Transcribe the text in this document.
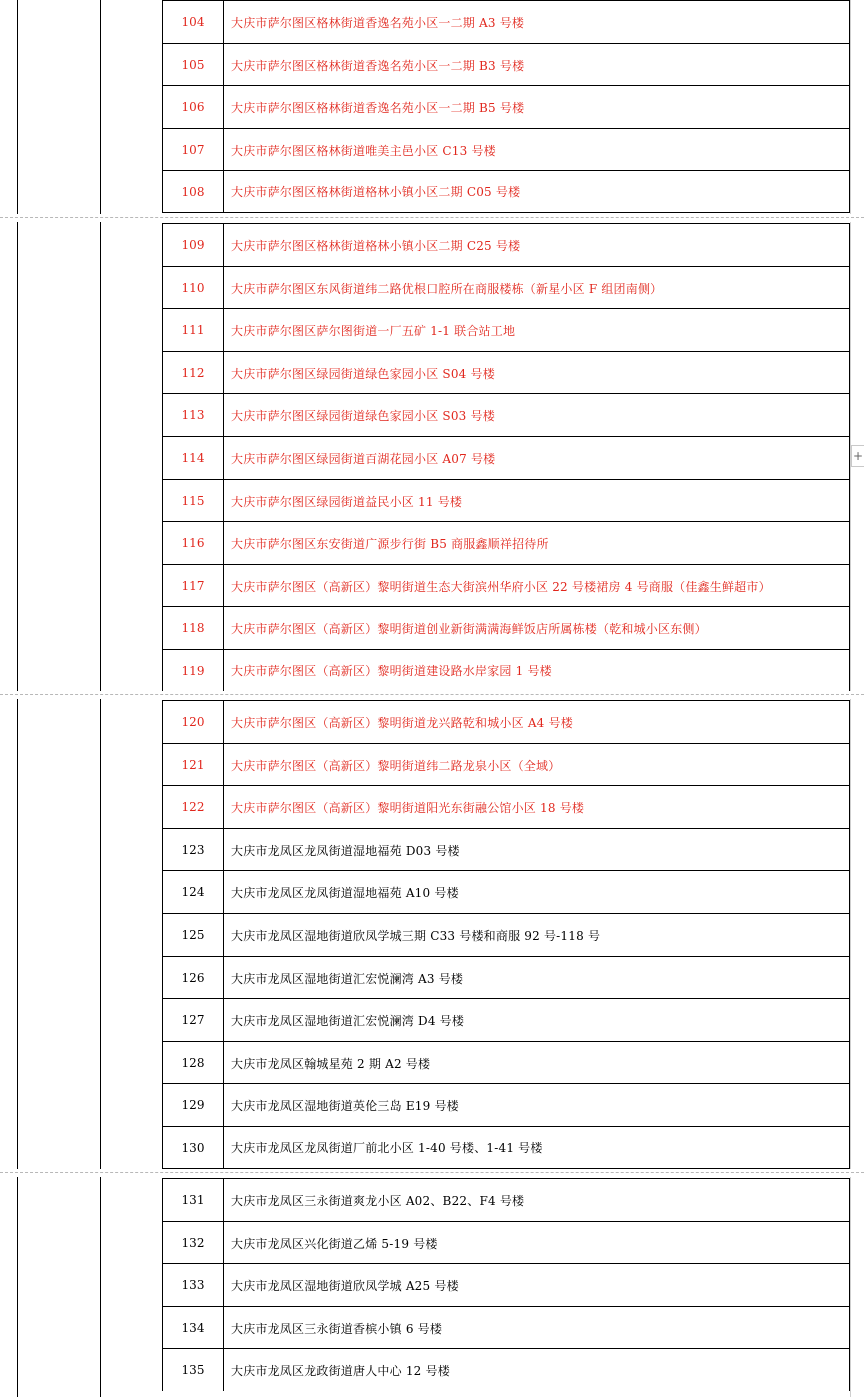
104	大庆市萨尔图区格林街道香逸名苑小区一二期 A3 号楼
105	大庆市萨尔图区格林街道香逸名苑小区一二期 B3 号楼
106	大庆市萨尔图区格林街道香逸名苑小区一二期 B5 号楼
107	大庆市萨尔图区格林街道唯美主邑小区 C13 号楼
108	大庆市萨尔图区格林街道格林小镇小区二期 C05 号楼
109	大庆市萨尔图区格林街道格林小镇小区二期 C25 号楼
110	大庆市萨尔图区东风街道纬二路优根口腔所在商服楼栋（新星小区 F 组团南侧）
111	大庆市萨尔图区萨尔图街道一厂五矿 1-1 联合站工地
112	大庆市萨尔图区绿园街道绿色家园小区 S04 号楼
113	大庆市萨尔图区绿园街道绿色家园小区 S03 号楼
114	大庆市萨尔图区绿园街道百湖花园小区 A07 号楼
115	大庆市萨尔图区绿园街道益民小区 11 号楼
116	大庆市萨尔图区东安街道广源步行街 B5 商服鑫顺祥招待所
117	大庆市萨尔图区（高新区）黎明街道生态大街滨州华府小区 22 号楼裙房 4 号商服（佳鑫生鲜超市）
118	大庆市萨尔图区（高新区）黎明街道创业新街满满海鲜饭店所属栋楼（乾和城小区东侧）
119	大庆市萨尔图区（高新区）黎明街道建设路水岸家园 1 号楼
120	大庆市萨尔图区（高新区）黎明街道龙兴路乾和城小区 A4 号楼
121	大庆市萨尔图区（高新区）黎明街道纬二路龙泉小区（全域）
122	大庆市萨尔图区（高新区）黎明街道阳光东街融公馆小区 18 号楼
123	大庆市龙凤区龙凤街道湿地福苑 D03 号楼
124	大庆市龙凤区龙凤街道湿地福苑 A10 号楼
125	大庆市龙凤区湿地街道欣凤学城三期 C33 号楼和商服 92 号-118 号
126	大庆市龙凤区湿地街道汇宏悦澜湾 A3 号楼
127	大庆市龙凤区湿地街道汇宏悦澜湾 D4 号楼
128	大庆市龙凤区翰城星苑 2 期 A2 号楼
129	大庆市龙凤区湿地街道英伦三岛 E19 号楼
130	大庆市龙凤区龙凤街道厂前北小区 1-40 号楼、1-41 号楼
131	大庆市龙凤区三永街道爽龙小区 A02、B22、F4 号楼
132	大庆市龙凤区兴化街道乙烯 5-19 号楼
133	大庆市龙凤区湿地街道欣凤学城 A25 号楼
134	大庆市龙凤区三永街道香槟小镇 6 号楼
135	大庆市龙凤区龙政街道唐人中心 12 号楼
+
